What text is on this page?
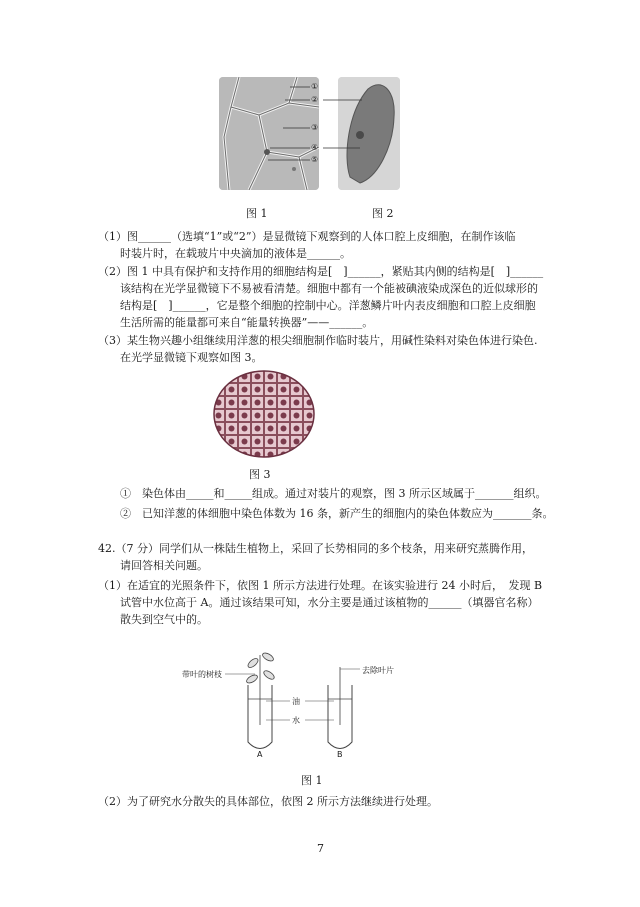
①
②
③
④
⑤
图 1	图 2
（1）图______（选填“1”或“2”）是显微镜下观察到的人体口腔上皮细胞，在制作该临
时装片时，在载玻片中央滴加的液体是______。
（2）图 1 中具有保护和支持作用的细胞结构是[　]______，紧贴其内侧的结构是[　]______
该结构在光学显微镜下不易被看清楚。细胞中都有一个能被碘液染成深色的近似球形的
结构是[　]______，它是整个细胞的控制中心。洋葱鳞片叶内表皮细胞和口腔上皮细胞
生活所需的能量都可来自“能量转换器”——______。
（3）某生物兴趣小组继续用洋葱的根尖细胞制作临时装片，用碱性染料对染色体进行染色.
在光学显微镜下观察如图 3。
图 3
①　染色体由_____和_____组成。通过对装片的观察，图 3 所示区域属于_______组织。
②　已知洋葱的体细胞中染色体数为 16 条，新产生的细胞内的染色体数应为_______条。
42.（7 分）同学们从一株陆生植物上，采回了长势相同的多个枝条，用来研究蒸腾作用，
请回答相关问题。
（1）在适宜的光照条件下，依图 1 所示方法进行处理。在该实验进行 24 小时后，　发现 B
试管中水位高于 A。通过该结果可知，水分主要是通过该植物的______（填器官名称）
散失到空气中的。
带叶的树枝	去除叶片
油
水
A	B
图 1
（2）为了研究水分散失的具体部位，依图 2 所示方法继续进行处理。
7
